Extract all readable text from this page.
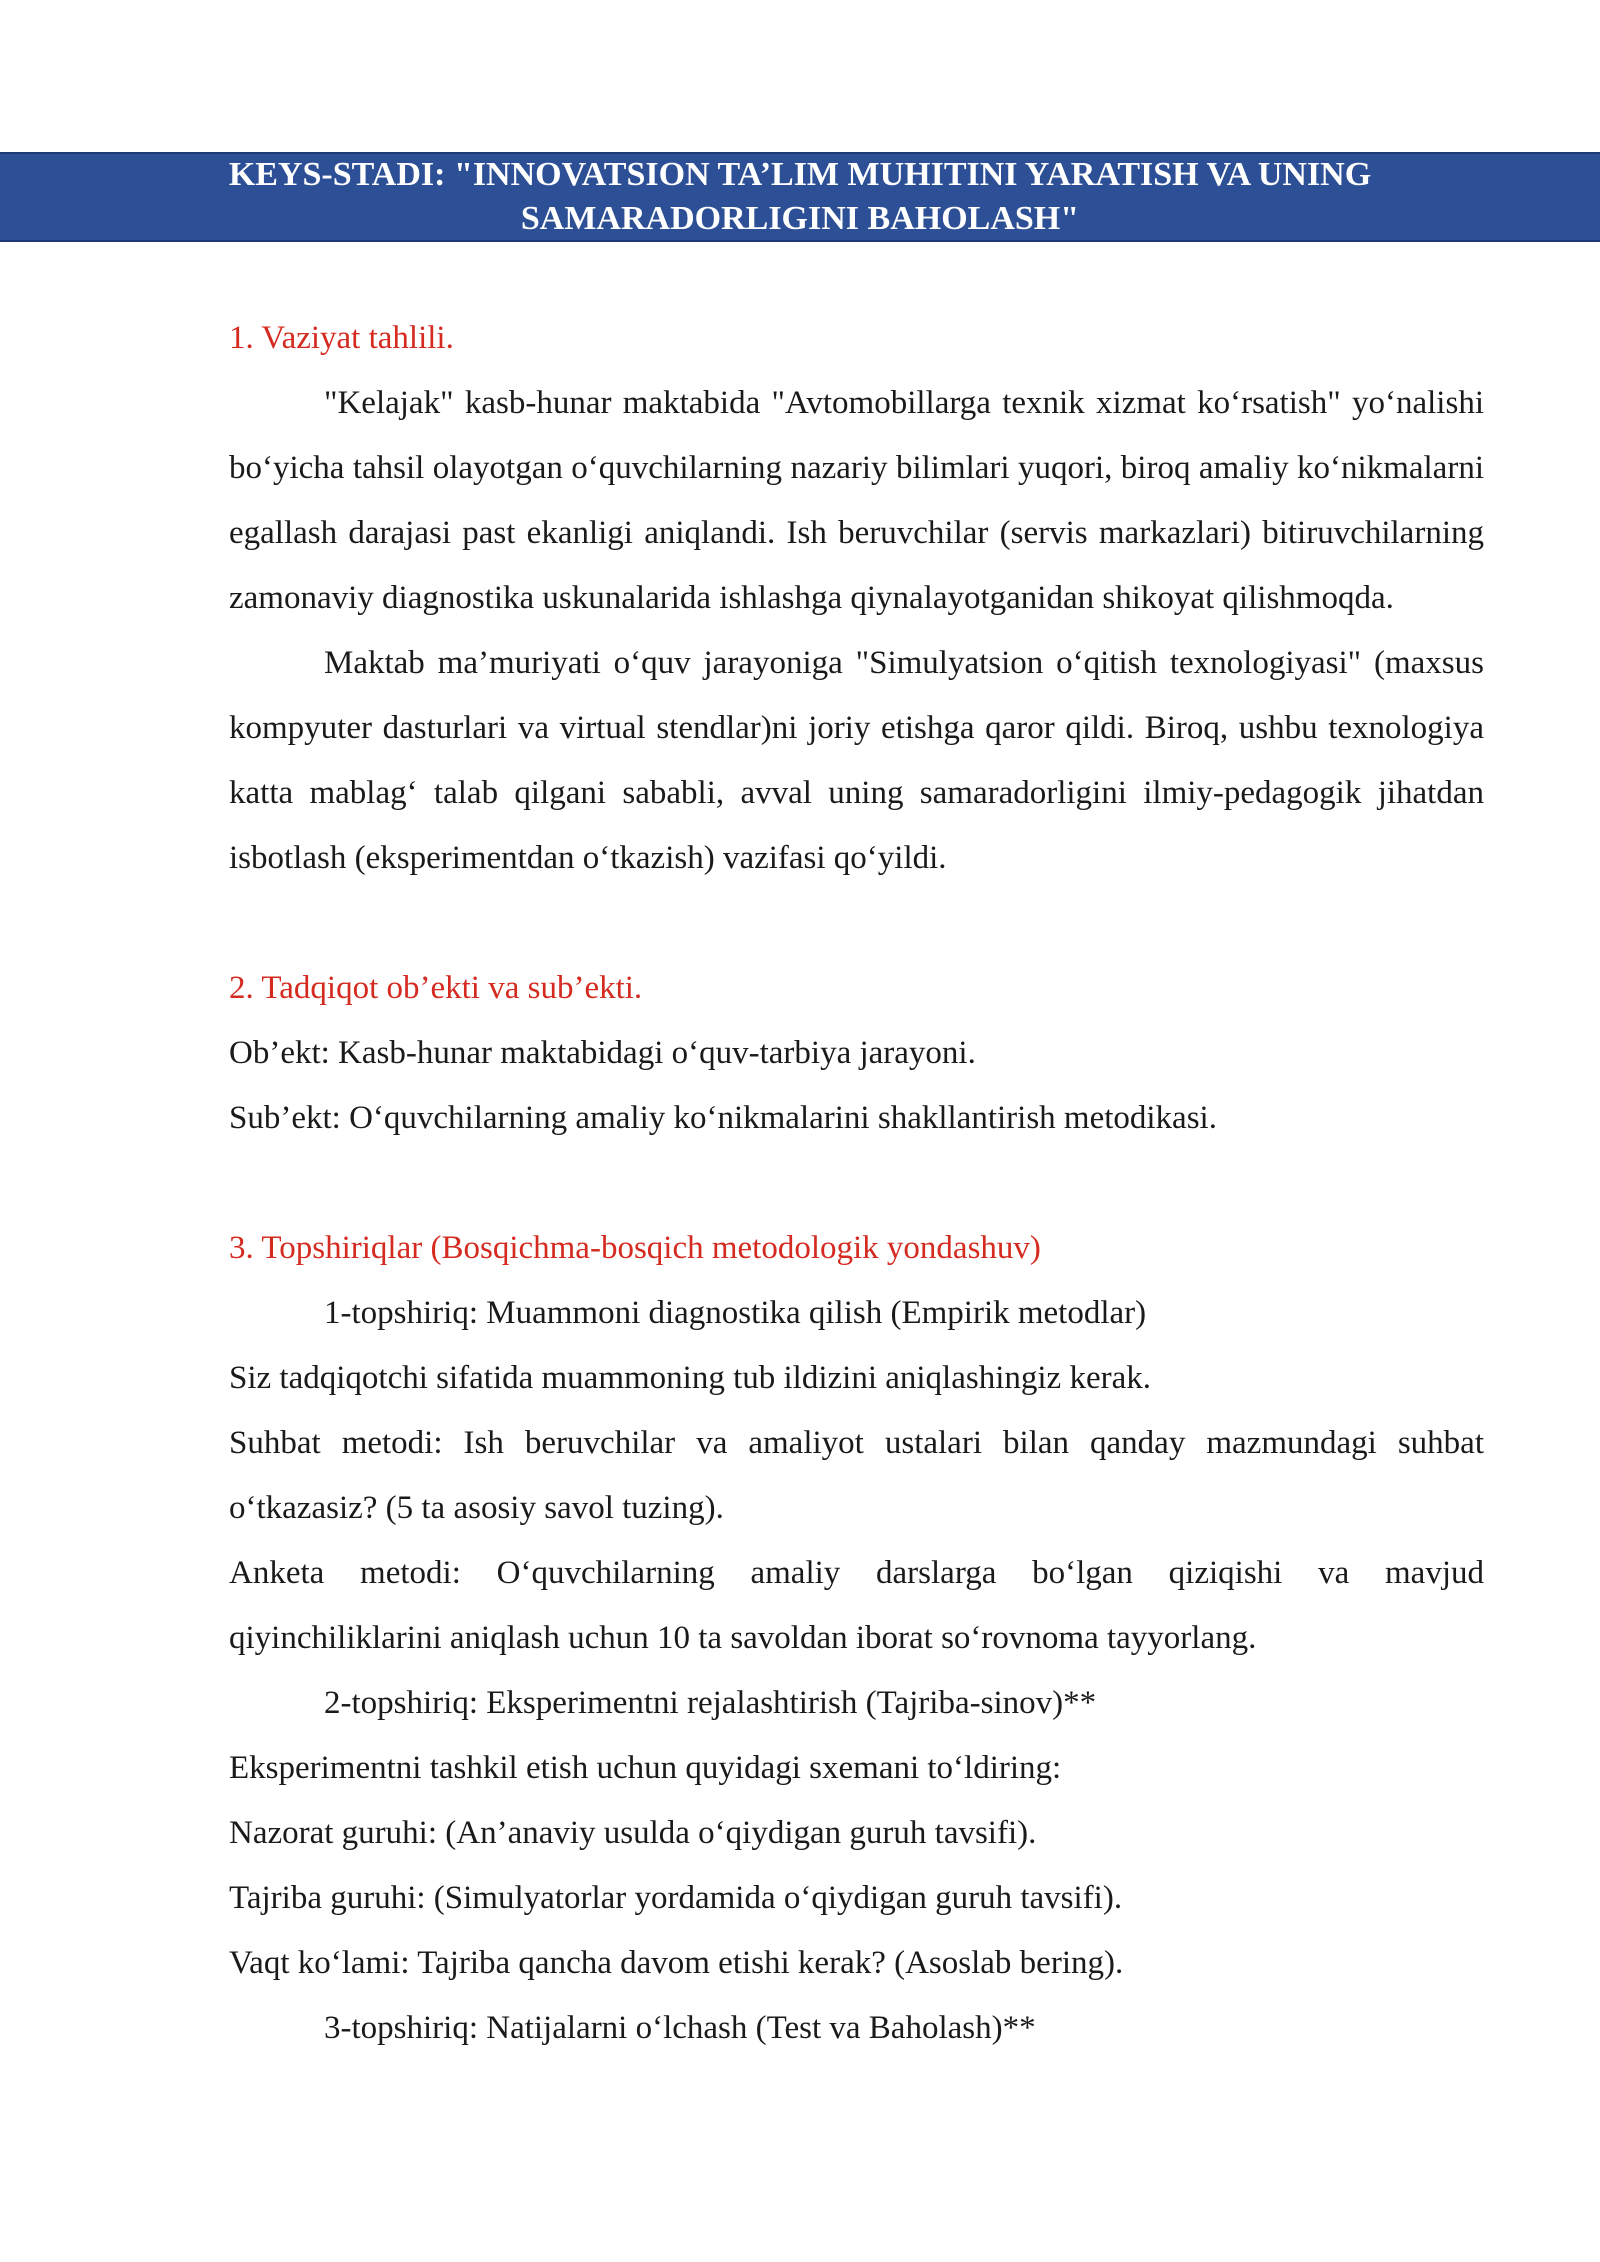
KEYS-STADI: "INNOVATSION TA’LIM MUHITINI YARATISH VA UNING
SAMARADORLIGINI BAHOLASH"

1. Vaziyat tahlili.

"Kelajak" kasb-hunar maktabida "Avtomobillarga texnik xizmat ko‘rsatish" yo‘nalishi bo‘yicha tahsil olayotgan o‘quvchilarning nazariy bilimlari yuqori, biroq amaliy ko‘nikmalarni egallash darajasi past ekanligi aniqlandi. Ish beruvchilar (servis markazlari) bitiruvchilarning zamonaviy diagnostika uskunalarida ishlashga qiynalayotganidan shikoyat qilishmoqda.

Maktab ma’muriyati o‘quv jarayoniga "Simulyatsion o‘qitish texnologiyasi" (maxsus kompyuter dasturlari va virtual stendlar)ni joriy etishga qaror qildi. Biroq, ushbu texnologiya katta mablag‘ talab qilgani sababli, avval uning samaradorligini ilmiy-pedagogik jihatdan isbotlash (eksperimentdan o‘tkazish) vazifasi qo‘yildi.

2. Tadqiqot ob’ekti va sub’ekti.

Ob’ekt: Kasb-hunar maktabidagi o‘quv-tarbiya jarayoni.

Sub’ekt: O‘quvchilarning amaliy ko‘nikmalarini shakllantirish metodikasi.

3. Topshiriqlar (Bosqichma-bosqich metodologik yondashuv)

1-topshiriq: Muammoni diagnostika qilish (Empirik metodlar)

Siz tadqiqotchi sifatida muammoning tub ildizini aniqlashingiz kerak.

Suhbat metodi: Ish beruvchilar va amaliyot ustalari bilan qanday mazmundagi suhbat o‘tkazasiz? (5 ta asosiy savol tuzing).

Anketa metodi: O‘quvchilarning amaliy darslarga bo‘lgan qiziqishi va mavjud qiyinchiliklarini aniqlash uchun 10 ta savoldan iborat so‘rovnoma tayyorlang.

2-topshiriq: Eksperimentni rejalashtirish (Tajriba-sinov)**

Eksperimentni tashkil etish uchun quyidagi sxemani to‘ldiring:

Nazorat guruhi: (An’anaviy usulda o‘qiydigan guruh tavsifi).

Tajriba guruhi: (Simulyatorlar yordamida o‘qiydigan guruh tavsifi).

Vaqt ko‘lami: Tajriba qancha davom etishi kerak? (Asoslab bering).

3-topshiriq: Natijalarni o‘lchash (Test va Baholash)**
